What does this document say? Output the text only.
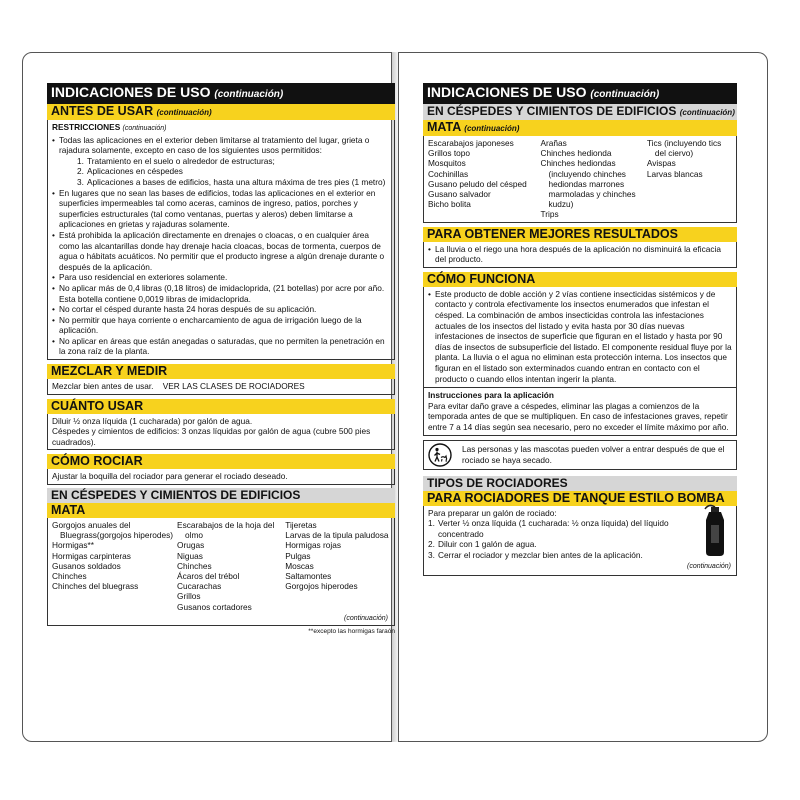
INDICACIONES DE USO (continuación)
ANTES DE USAR (continuación)
RESTRICCIONES (continuación)
• Todas las aplicaciones en el exterior deben limitarse al tratamiento del lugar, grieta o rajadura solamente, excepto en caso de los siguientes usos permitidos:
1. Tratamiento en el suelo o alrededor de estructuras;
2. Aplicaciones en céspedes
3. Aplicaciones a bases de edificios, hasta una altura máxima de tres pies (1 metro)
• En lugares que no sean las bases de edificios, todas las aplicaciones en el exterior en superficies impermeables tal como aceras, caminos de ingreso, patios, porches y superficies estructurales (tal como ventanas, puertas y aleros) deben limitarse a aplicaciones en grietas y rajaduras solamente.
• Está prohibida la aplicación directamente en drenajes o cloacas, o en cualquier área como las alcantarillas donde hay drenaje hacia cloacas, bocas de tormenta, cuerpos de agua o hábitats acuáticos. No permitir que el producto ingrese a algún drenaje durante o después de la aplicación.
• Para uso residencial en exteriores solamente.
• No aplicar más de 0,4 libras (0,18 litros) de imidacloprida, (21 botellas) por acre por año. Esta botella contiene 0,0019 libras de imidacloprida.
• No cortar el césped durante hasta 24 horas después de su aplicación.
• No permitir que haya corriente o encharcamiento de agua de irrigación luego de la aplicación.
• No aplicar en áreas que están anegadas o saturadas, que no permiten la penetración en la zona raíz de la planta.
MEZCLAR Y MEDIR
Mezclar bien antes de usar. VER LAS CLASES DE ROCIADORES
CUÁNTO USAR
Diluir ½ onza líquida (1 cucharada) por galón de agua.
Céspedes y cimientos de edificios: 3 onzas líquidas por galón de agua (cubre 500 pies cuadrados).
CÓMO ROCIAR
Ajustar la boquilla del rociador para generar el rociado deseado.
EN CÉSPEDES Y CIMIENTOS DE EDIFICIOS
MATA
Gorgojos anuales del Bluegrass(gorgojos hiperodes)
Hormigas**
Hormigas carpinteras
Gusanos soldados
Chinches
Chinches del bluegrass
Escarabajos de la hoja del olmo
Orugas
Niguas
Chinches
Ácaros del trébol
Cucarachas
Grillos
Gusanos cortadores
Tijeretas
Larvas de la tipula paludosa
Hormigas rojas
Pulgas
Moscas
Saltamontes
Gorgojos hiperodes
(continuación)
**excepto las hormigas faraón
INDICACIONES DE USO (continuación)
EN CÉSPEDES Y CIMIENTOS DE EDIFICIOS (continuación)
MATA (continuación)
Escarabajos japoneses
Grillos topo
Mosquitos
Cochinillas
Gusano peludo del césped
Gusano salvador
Bicho bolita
Arañas
Chinches hedionda
Chinches hediondas (incluyendo chinches hediondas marrones marmoladas y chinches kudzu)
Trips
Tics (incluyendo tics del ciervo)
Avispas
Larvas blancas
PARA OBTENER MEJORES RESULTADOS
• La lluvia o el riego una hora después de la aplicación no disminuirá la eficacia del producto.
CÓMO FUNCIONA
• Este producto de doble acción y 2 vías contiene insecticidas sistémicos y de contacto y controla efectivamente los insectos enumerados que infestan el césped. La combinación de ambos insecticidas controla las infestaciones actuales de los insectos del listado y evita hasta por 30 días nuevas infestaciones de insectos de superficie que figuran en el listado y hasta por 90 días de insectos de subsuperficie del listado. El componente residual fluye por la planta. La lluvia o el agua no eliminan esta protección interna. Los insectos que figuran en el listado son exterminados cuando entran en contacto con el producto o cuando ellos intentan ingerir la planta.
Instrucciones para la aplicación
Para evitar daño grave a céspedes, eliminar las plagas a comienzos de la temporada antes de que se multipliquen. En caso de infestaciones graves, repetir entre 7 a 14 días según sea necesario, pero no exceder el límite máximo por año.
Las personas y las mascotas pueden volver a entrar después de que el rociado se haya secado.
TIPOS DE ROCIADORES
PARA ROCIADORES DE TANQUE ESTILO BOMBA
Para preparar un galón de rociado:
1. Verter ½ onza líquida (1 cucharada: ½ onza líquida) del líquido concentrado
2. Diluir con 1 galón de agua.
3. Cerrar el rociador y mezclar bien antes de la aplicación.
(continuación)
